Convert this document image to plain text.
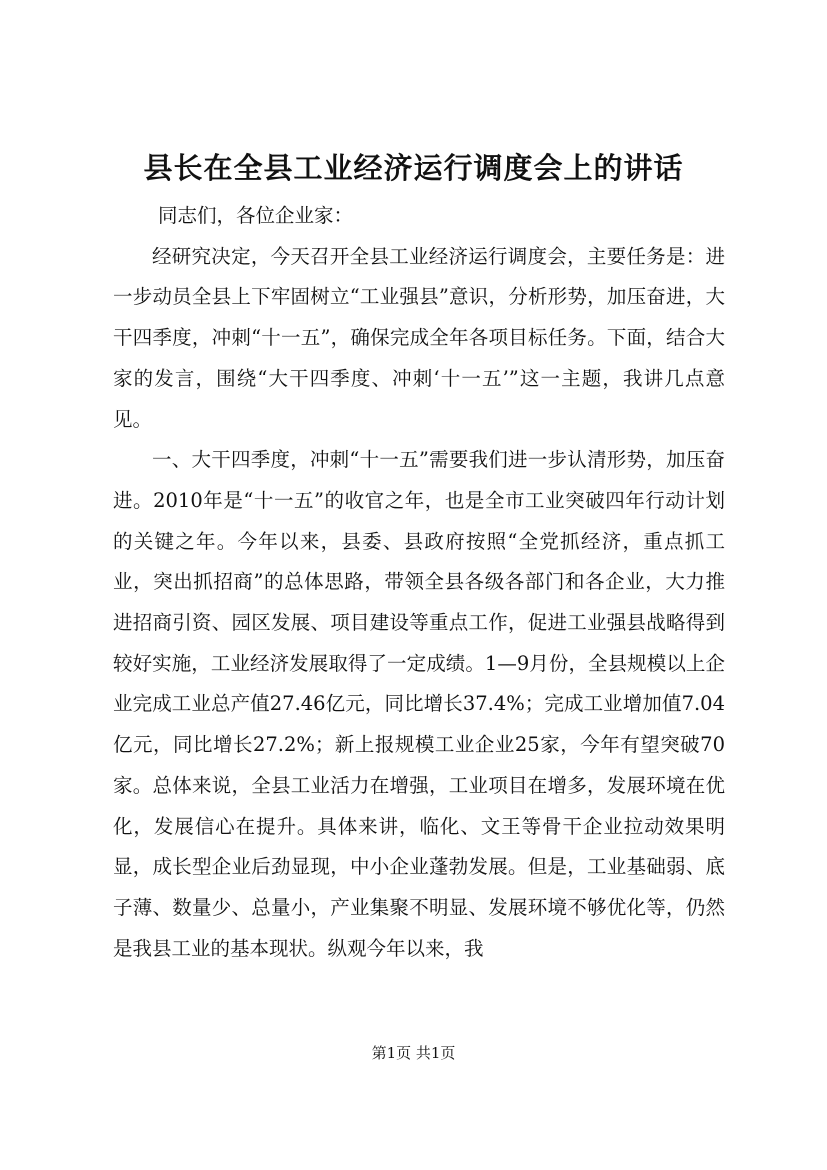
县长在全县工业经济运行调度会上的讲话

同志们，各位企业家：

经研究决定，今天召开全县工业经济运行调度会，主要任务是：进一步动员全县上下牢固树立“工业强县”意识，分析形势，加压奋进，大干四季度，冲刺“十一五”，确保完成全年各项目标任务。下面，结合大家的发言，围绕“大干四季度、冲刺‘十一五’”这一主题，我讲几点意见。

一、大干四季度，冲刺“十一五”需要我们进一步认清形势，加压奋进。2010年是“十一五”的收官之年，也是全市工业突破四年行动计划的关键之年。今年以来，县委、县政府按照“全党抓经济，重点抓工业，突出抓招商”的总体思路，带领全县各级各部门和各企业，大力推进招商引资、园区发展、项目建设等重点工作，促进工业强县战略得到较好实施，工业经济发展取得了一定成绩。1—9月份，全县规模以上企业完成工业总产值27.46亿元，同比增长37.4%；完成工业增加值7.04亿元，同比增长27.2%；新上报规模工业企业25家，今年有望突破70家。总体来说，全县工业活力在增强，工业项目在增多，发展环境在优化，发展信心在提升。具体来讲，临化、文王等骨干企业拉动效果明显，成长型企业后劲显现，中小企业蓬勃发展。但是，工业基础弱、底子薄、数量少、总量小，产业集聚不明显、发展环境不够优化等，仍然是我县工业的基本现状。纵观今年以来，我

第1页 共1页
